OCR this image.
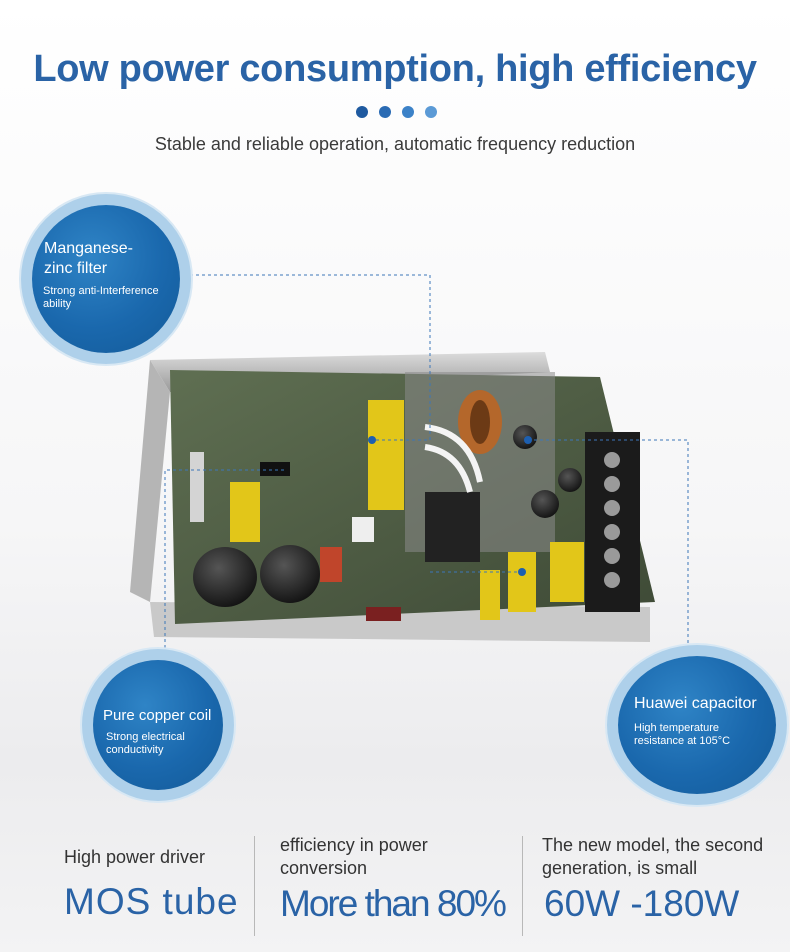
Low power consumption, high efficiency

Stable and reliable operation, automatic frequency reduction

Manganese-zinc filter
Strong anti-Interference ability
Pure copper coil
Strong electrical conductivity
Huawei capacitor
High temperature resistance at 105°C
High power driver
MOS tube
efficiency in power conversion
More than 80%
The new model, the second generation, is small
60W -180W
